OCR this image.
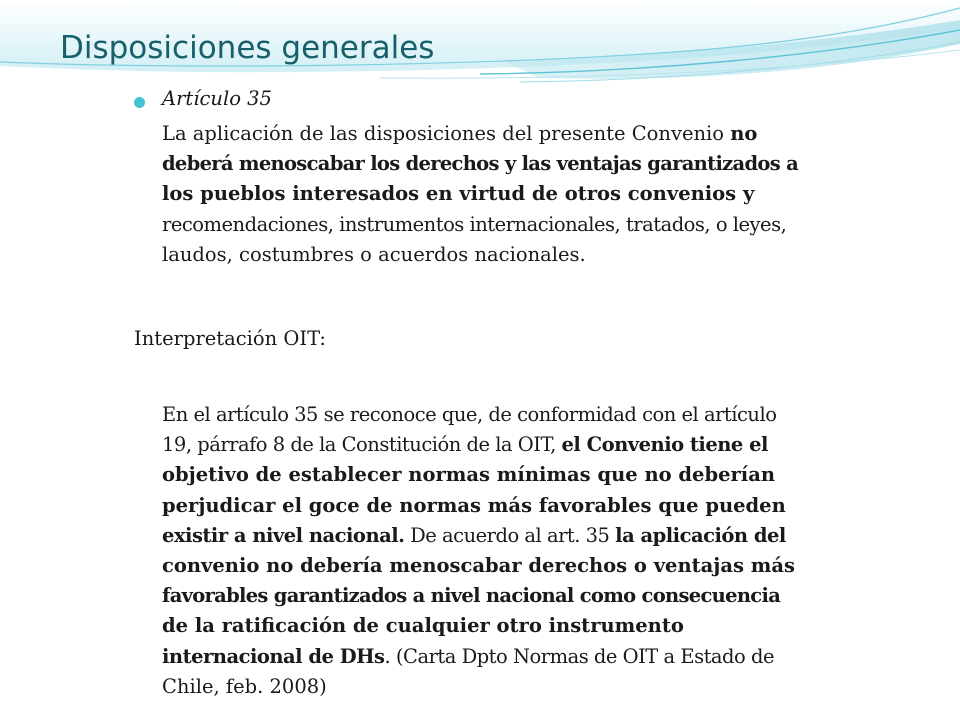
Disposiciones generales
Artículo 35
La aplicación de las disposiciones del presente Convenio no
deberá menoscabar los derechos y las ventajas garantizados a
los pueblos interesados en virtud de otros convenios y
recomendaciones, instrumentos internacionales, tratados, o leyes,
laudos, costumbres o acuerdos nacionales.
Interpretación OIT:
En el artículo 35 se reconoce que, de conformidad con el artículo
19, párrafo 8 de la Constitución de la OIT, el Convenio tiene el
objetivo de establecer normas mínimas que no deberían
perjudicar el goce de normas más favorables que pueden
existir a nivel nacional. De acuerdo al art. 35 la aplicación del
convenio no debería menoscabar derechos o ventajas más
favorables garantizados a nivel nacional como consecuencia
de la ratificación de cualquier otro instrumento
internacional de DHs. (Carta Dpto Normas de OIT a Estado de
Chile, feb. 2008)
